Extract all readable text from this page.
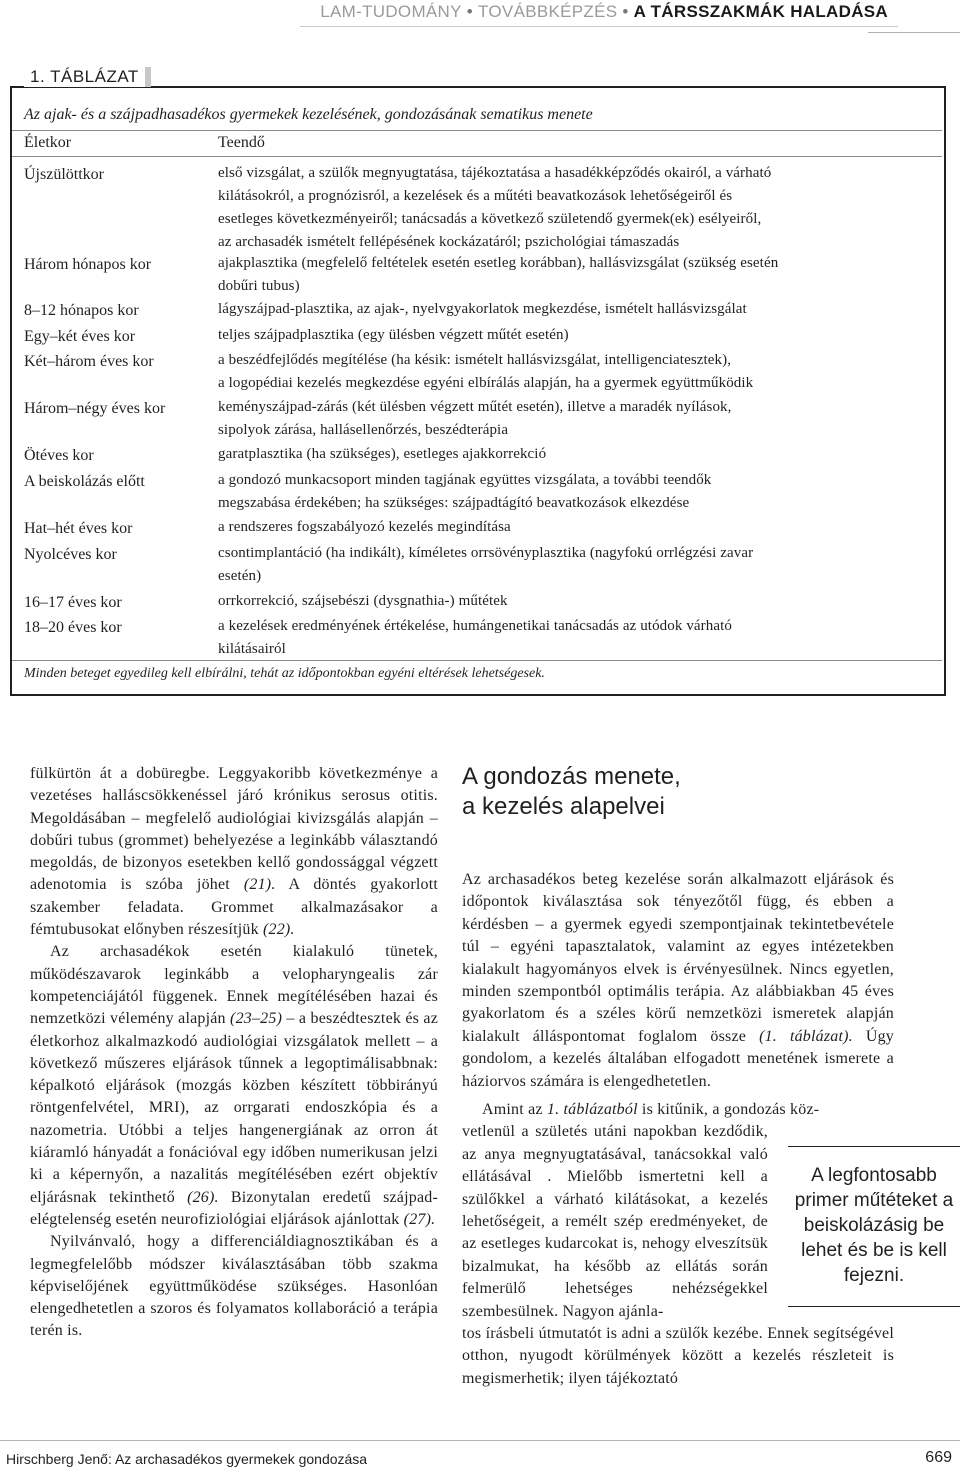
LAM-TUDOMÁNY • TOVÁBBKÉPZÉS • A TÁRSSZAKMÁK HALADÁSA
1. TÁBLÁZAT
Az ajak- és a szájpadhasadékos gyermekek kezelésének, gondozásának sematikus menete
Életkor	Teendő
Újszülöttkor	első vizsgálat, a szülők megnyugtatása, tájékoztatása a hasadékképződés okairól, a várható
kilátásokról, a prognózisról, a kezelések és a műtéti beavatkozások lehetőségeiről és
esetleges következményeiről; tanácsadás a következő születendő gyermek(ek) esélyeiről,
az archasadék ismételt fellépésének kockázatáról; pszichológiai támaszadás
Három hónapos kor	ajakplasztika (megfelelő feltételek esetén esetleg korábban), hallásvizsgálat (szükség esetén
dobűri tubus)
8–12 hónapos kor	lágyszájpad-plasztika, az ajak-, nyelvgyakorlatok megkezdése, ismételt hallásvizsgálat
Egy–két éves kor	teljes szájpadplasztika (egy ülésben végzett műtét esetén)
Két–három éves kor	a beszédfejlődés megítélése (ha késik: ismételt hallásvizsgálat, intelligenciatesztek),
a logopédiai kezelés megkezdése egyéni elbírálás alapján, ha a gyermek együttműködik
Három–négy éves kor	keményszájpad-zárás (két ülésben végzett műtét esetén), illetve a maradék nyílások,
sipolyok zárása, hallásellenőrzés, beszédterápia
Ötéves kor	garatplasztika (ha szükséges), esetleges ajakkorrekció
A beiskolázás előtt	a gondozó munkacsoport minden tagjának együttes vizsgálata, a további teendők
megszabása érdekében; ha szükséges: szájpadtágító beavatkozások elkezdése
Hat–hét éves kor	a rendszeres fogszabályozó kezelés megindítása
Nyolcéves kor	csontimplantáció (ha indikált), kíméletes orrsövényplasztika (nagyfokú orrlégzési zavar
esetén)
16–17 éves kor	orrkorrekció, szájsebészi (dysgnathia-) műtétek
18–20 éves kor	a kezelések eredményének értékelése, humángenetikai tanácsadás az utódok várható
kilátásairól
Minden beteget egyedileg kell elbírálni, tehát az időpontokban egyéni eltérések lehetségesek.

fülkürtön át a dobüregbe. Leggyakoribb következménye a vezetéses halláscsökkenéssel járó krónikus serosus otitis. Megoldásában – megfelelő audiológiai kivizsgálás alapján – dobűri tubus (grommet) behelyezése a leginkább választandó megoldás, de bizonyos esetekben kellő gondossággal végzett adenotomia is szóba jöhet (21). A döntés gyakorlott szakember feladata. Grommet alkalmazásakor a fémtubusokat előnyben részesítjük (22).

Az archasadékok esetén kialakuló tünetek, működészavarok leginkább a velopharyngealis zár kompetenciájától függenek. Ennek megítélésében hazai és nemzetközi vélemény alapján (23–25) – a beszédtesztek és az életkorhoz alkalmazkodó audiológiai vizsgálatok mellett – a következő műszeres eljárások tűnnek a legoptimálisabbnak: képalkotó eljárások (mozgás közben készített többirányú röntgenfelvétel, MRI), az orrgarati endoszkópia és a nazometria. Utóbbi a teljes hangenergiának az orron át kiáramló hányadát a fonációval egy időben numerikusan jelzi ki a képernyőn, a nazalitás megítélésében ezért objektív eljárásnak tekinthető (26). Bizonytalan eredetű szájpad-elégtelenség esetén neurofiziológiai eljárások ajánlottak (27).

Nyilvánvaló, hogy a differenciáldiagnosztikában és a legmegfelelőbb módszer kiválasztásában több szakma képviselőjének együttműködése szükséges. Hasonlóan elengedhetetlen a szoros és folyamatos kollaboráció a terápia terén is.

A gondozás menete,
a kezelés alapelvei

Az archasadékos beteg kezelése során alkalmazott eljárások és időpontok kiválasztása sok tényezőtől függ, és ebben a kérdésben – a gyermek egyedi szempontjainak tekintetbevétele túl – egyéni tapasztalatok, valamint az egyes intézetekben kialakult hagyományos elvek is érvényesülnek. Nincs egyetlen, minden szempontból optimális terápia. Az alábbiakban 45 éves gyakorlatom és a széles körű nemzetközi ismeretek alapján kialakult álláspontomat foglalom össze (1. táblázat). Úgy gondolom, a kezelés általában elfogadott menetének ismerete a háziorvos számára is elengedhetetlen.

Amint az 1. táblázatból is kitűnik, a gondozás köz-
vetlenül a születés utáni napokban kezdődik, az anya megnyugtatásával, tanácsokkal való ellátásával . Mielőbb ismertetni kell a szülőkkel a várható kilátásokat, a kezelés lehetőségeit, a remélt szép eredményeket, de az esetleges kudarcokat is, nehogy elveszítsük bizalmukat, ha később az ellátás során felmerülő lehetséges nehézségekkel szembesülnek. Nagyon ajánla-
tos írásbeli útmutatót is adni a szülők kezébe. Ennek segítségével otthon, nyugodt körülmények között a kezelés részleteit is megismerhetik; ilyen tájékoztató
A legfontosabb primer műtéteket a beiskolázásig be lehet és be is kell fejezni.
Hirschberg Jenő: Az archasadékos gyermekek gondozása	669
